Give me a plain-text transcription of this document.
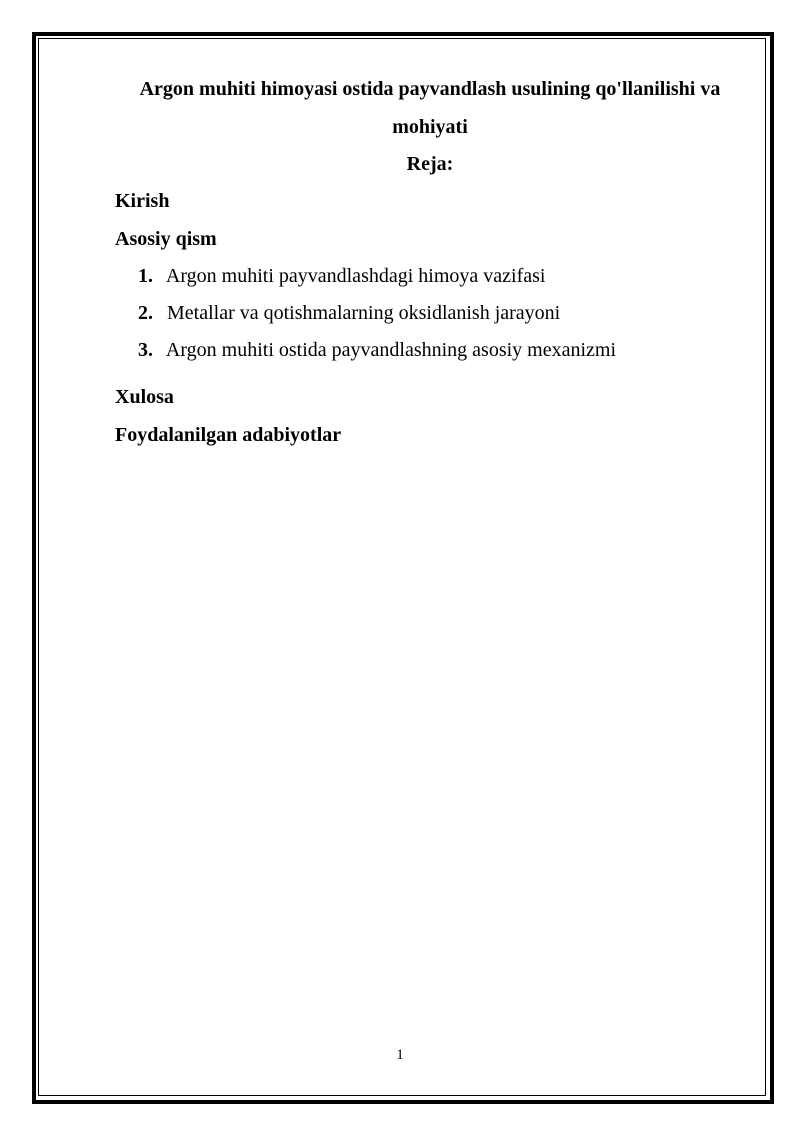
Argon muhiti himoyasi ostida payvandlash usulining qo'llanilishi va
mohiyati
Reja:
Kirish
Asosiy qism
1. Argon muhiti payvandlashdagi himoya vazifasi
2. Metallar va qotishmalarning oksidlanish jarayoni
3. Argon muhiti ostida payvandlashning asosiy mexanizmi
Xulosa
Foydalanilgan adabiyotlar
1
